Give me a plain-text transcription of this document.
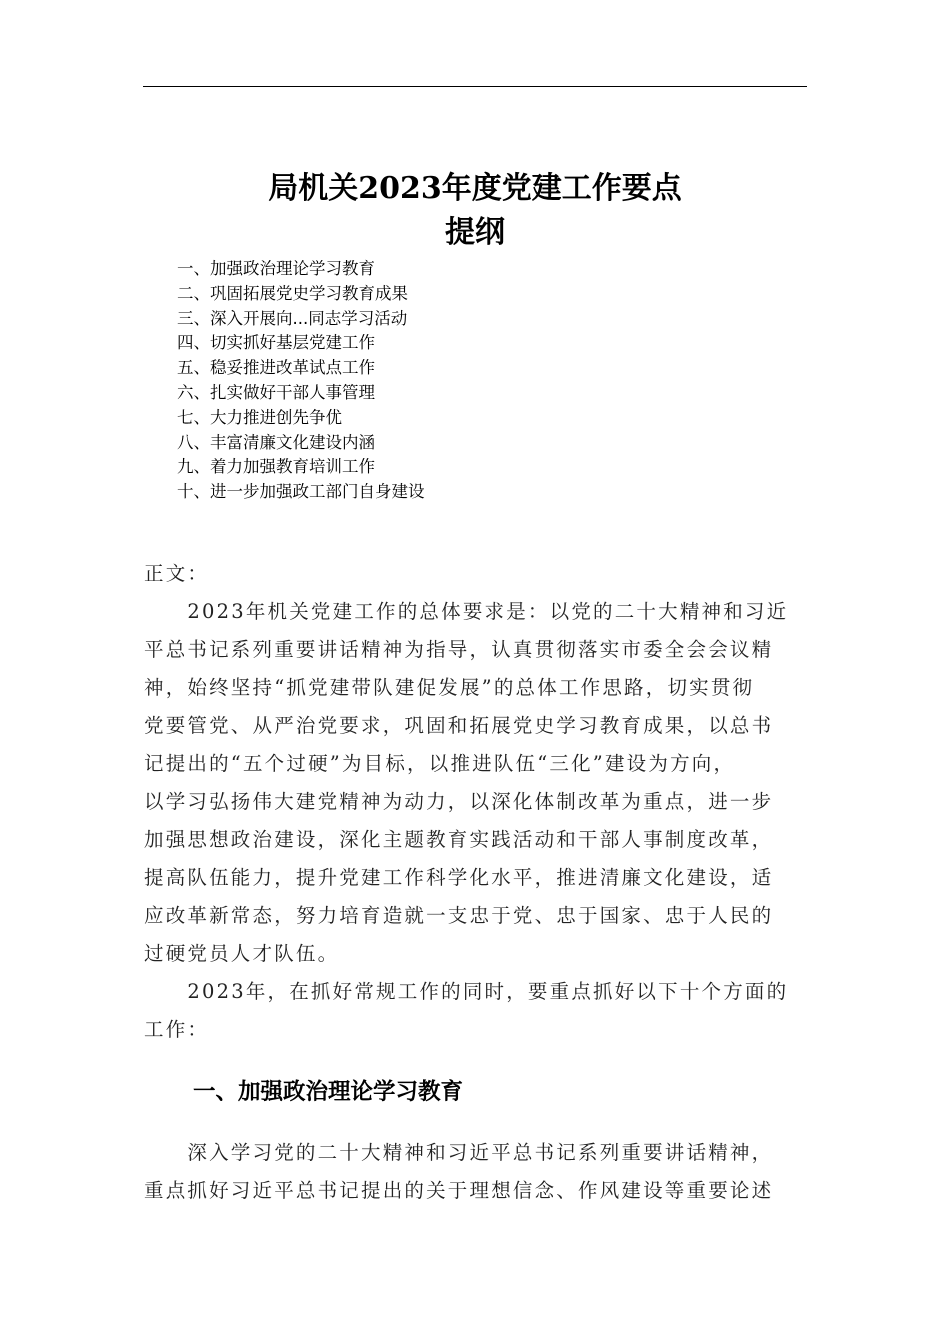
局机关2023年度党建工作要点
提纲
一、加强政治理论学习教育
二、巩固拓展党史学习教育成果
三、深入开展向...同志学习活动
四、切实抓好基层党建工作
五、稳妥推进改革试点工作
六、扎实做好干部人事管理
七、大力推进创先争优
八、丰富清廉文化建设内涵
九、着力加强教育培训工作
十、进一步加强政工部门自身建设
正文：
　　2023年机关党建工作的总体要求是：以党的二十大精神和习近
平总书记系列重要讲话精神为指导，认真贯彻落实市委全会会议精
神，始终坚持“抓党建带队建促发展”的总体工作思路，切实贯彻
党要管党、从严治党要求，巩固和拓展党史学习教育成果，以总书
记提出的“五个过硬”为目标，以推进队伍“三化”建设为方向，
以学习弘扬伟大建党精神为动力，以深化体制改革为重点，进一步
加强思想政治建设，深化主题教育实践活动和干部人事制度改革，
提高队伍能力，提升党建工作科学化水平，推进清廉文化建设，适
应改革新常态，努力培育造就一支忠于党、忠于国家、忠于人民的
过硬党员人才队伍。
　　2023年，在抓好常规工作的同时，要重点抓好以下十个方面的
工作：
一、加强政治理论学习教育
　　深入学习党的二十大精神和习近平总书记系列重要讲话精神，
重点抓好习近平总书记提出的关于理想信念、作风建设等重要论述
